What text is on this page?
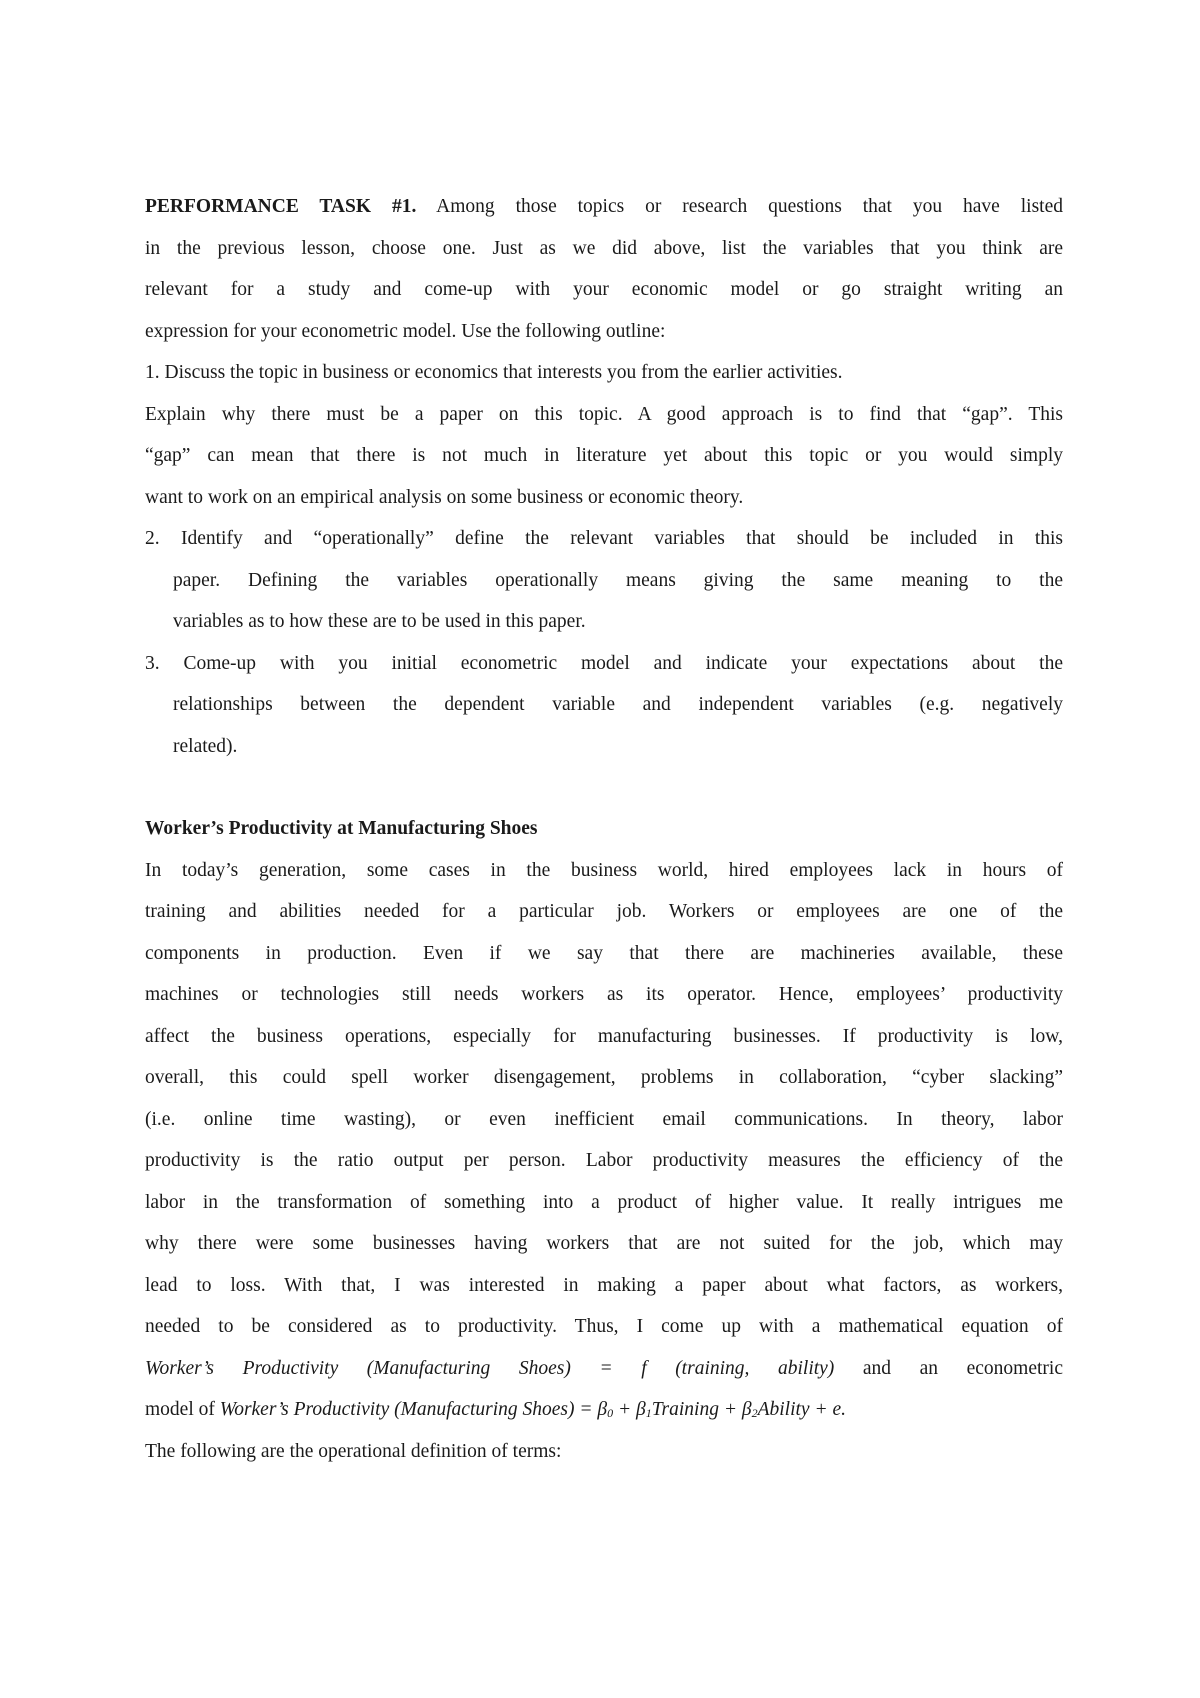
PERFORMANCE TASK #1. Among those topics or research questions that you have listed
in the previous lesson, choose one. Just as we did above, list the variables that you think are
relevant for a study and come-up with your economic model or go straight writing an
expression for your econometric model. Use the following outline:
1. Discuss the topic in business or economics that interests you from the earlier activities.
Explain why there must be a paper on this topic. A good approach is to find that “gap”. This
“gap” can mean that there is not much in literature yet about this topic or you would simply
want to work on an empirical analysis on some business or economic theory.
2. Identify and “operationally” define the relevant variables that should be included in this
paper. Defining the variables operationally means giving the same meaning to the
variables as to how these are to be used in this paper.
3. Come-up with you initial econometric model and indicate your expectations about the
relationships between the dependent variable and independent variables (e.g. negatively
related).
Worker’s Productivity at Manufacturing Shoes
In today’s generation, some cases in the business world, hired employees lack in hours of
training and abilities needed for a particular job. Workers or employees are one of the
components in production. Even if we say that there are machineries available, these
machines or technologies still needs workers as its operator. Hence, employees’ productivity
affect the business operations, especially for manufacturing businesses. If productivity is low,
overall, this could spell worker disengagement, problems in collaboration, “cyber slacking”
(i.e. online time wasting), or even inefficient email communications. In theory, labor
productivity is the ratio output per person. Labor productivity measures the efficiency of the
labor in the transformation of something into a product of higher value. It really intrigues me
why there were some businesses having workers that are not suited for the job, which may
lead to loss. With that, I was interested in making a paper about what factors, as workers,
needed to be considered as to productivity. Thus, I come up with a mathematical equation of
Worker’s Productivity (Manufacturing Shoes) = f (training, ability) and an econometric
model of Worker’s Productivity (Manufacturing Shoes) = $\beta_0$ + $\beta_1Training$ + $\beta_2Ability + e$.
The following are the operational definition of terms:
